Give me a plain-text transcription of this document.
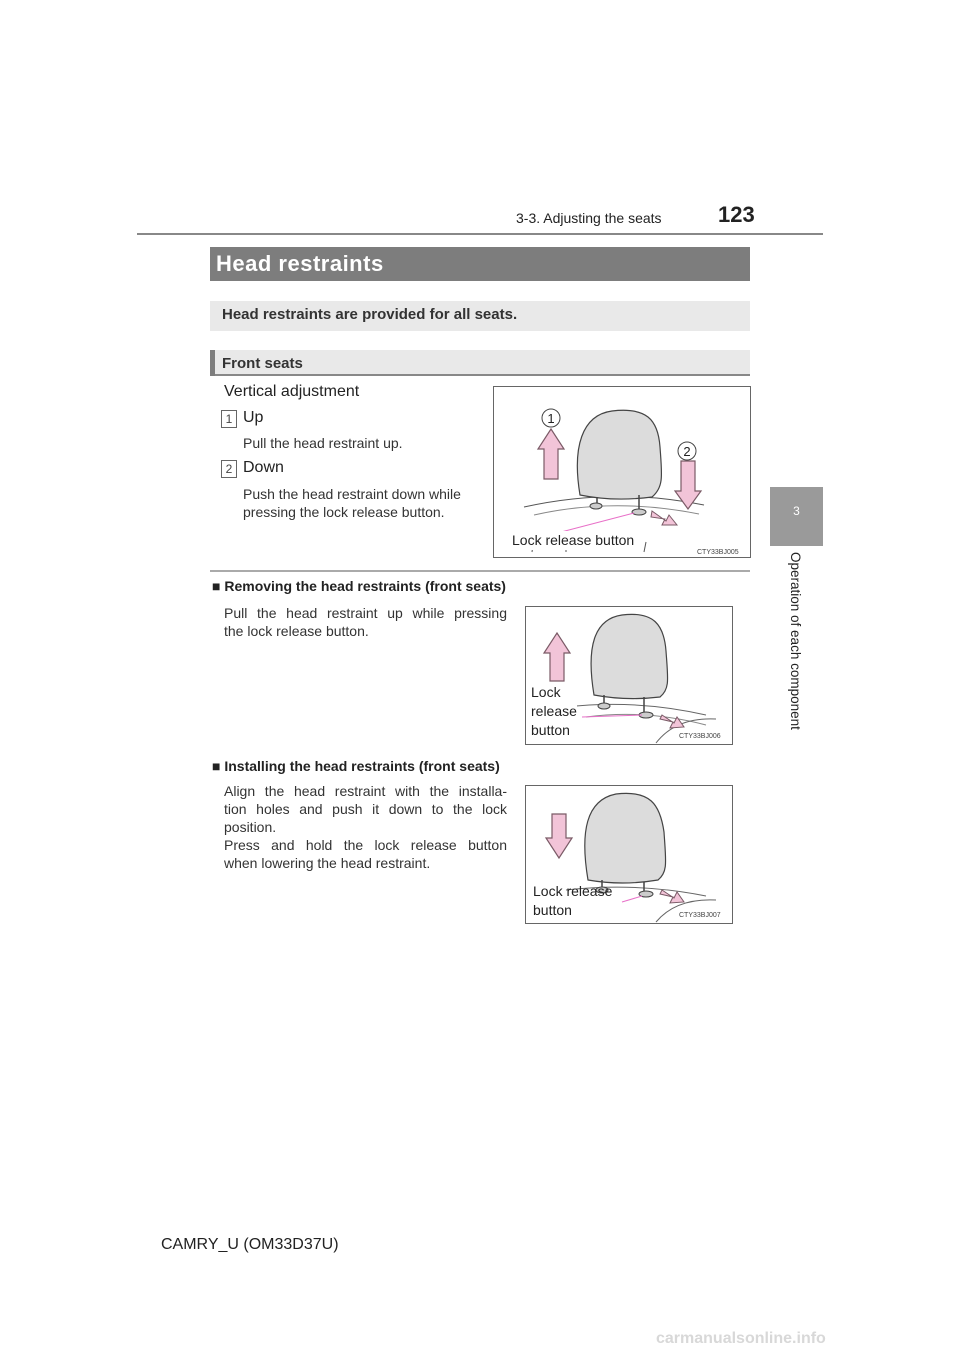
3-3. Adjusting the seats	123
3
Operation of each component
Head restraints
Head restraints are provided for all seats.
Front seats
Vertical adjustment
1 Up
Pull the head restraint up.
2 Down
Push the head restraint down while
pressing the lock release button.
1
2
Lock release button
CTY33BJ005
■ Removing the head restraints (front seats)
Pull the head restraint up while pressing
the lock release button.
Lock
release
button	CTY33BJ006
■ Installing the head restraints (front seats)
Align the head restraint with the installa-
tion holes and push it down to the lock
position.
Press and hold the lock release button
when lowering the head restraint.
Lock release
button	CTY33BJ007
CAMRY_U (OM33D37U)
carmanualsonline.info
